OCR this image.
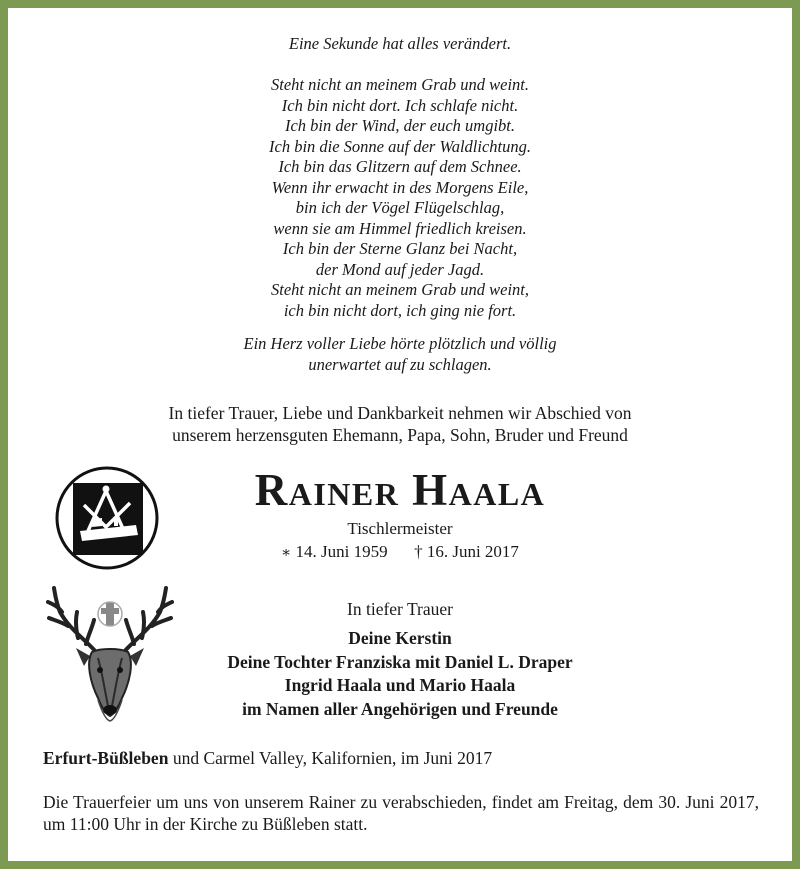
Eine Sekunde hat alles verändert.
Steht nicht an meinem Grab und weint.
Ich bin nicht dort. Ich schlafe nicht.
Ich bin der Wind, der euch umgibt.
Ich bin die Sonne auf der Waldlichtung.
Ich bin das Glitzern auf dem Schnee.
Wenn ihr erwacht in des Morgens Eile,
bin ich der Vögel Flügelschlag,
wenn sie am Himmel friedlich kreisen.
Ich bin der Sterne Glanz bei Nacht,
der Mond auf jeder Jagd.
Steht nicht an meinem Grab und weint,
ich bin nicht dort, ich ging nie fort.
Ein Herz voller Liebe hörte plötzlich und völlig
unerwartet auf zu schlagen.
In tiefer Trauer, Liebe und Dankbarkeit nehmen wir Abschied von
unserem herzensguten Ehemann, Papa, Sohn, Bruder und Freund
Rainer Haala
Tischlermeister
∗ 14. Juni 1959 † 16. Juni 2017
In tiefer Trauer
Deine Kerstin
Deine Tochter Franziska mit Daniel L. Draper
Ingrid Haala und Mario Haala
im Namen aller Angehörigen und Freunde
Erfurt-Büßleben und Carmel Valley, Kalifornien, im Juni 2017
Die Trauerfeier um uns von unserem Rainer zu verabschieden, findet am Freitag, dem 30. Juni 2017, um 11:00 Uhr in der Kirche zu Büßleben statt.
